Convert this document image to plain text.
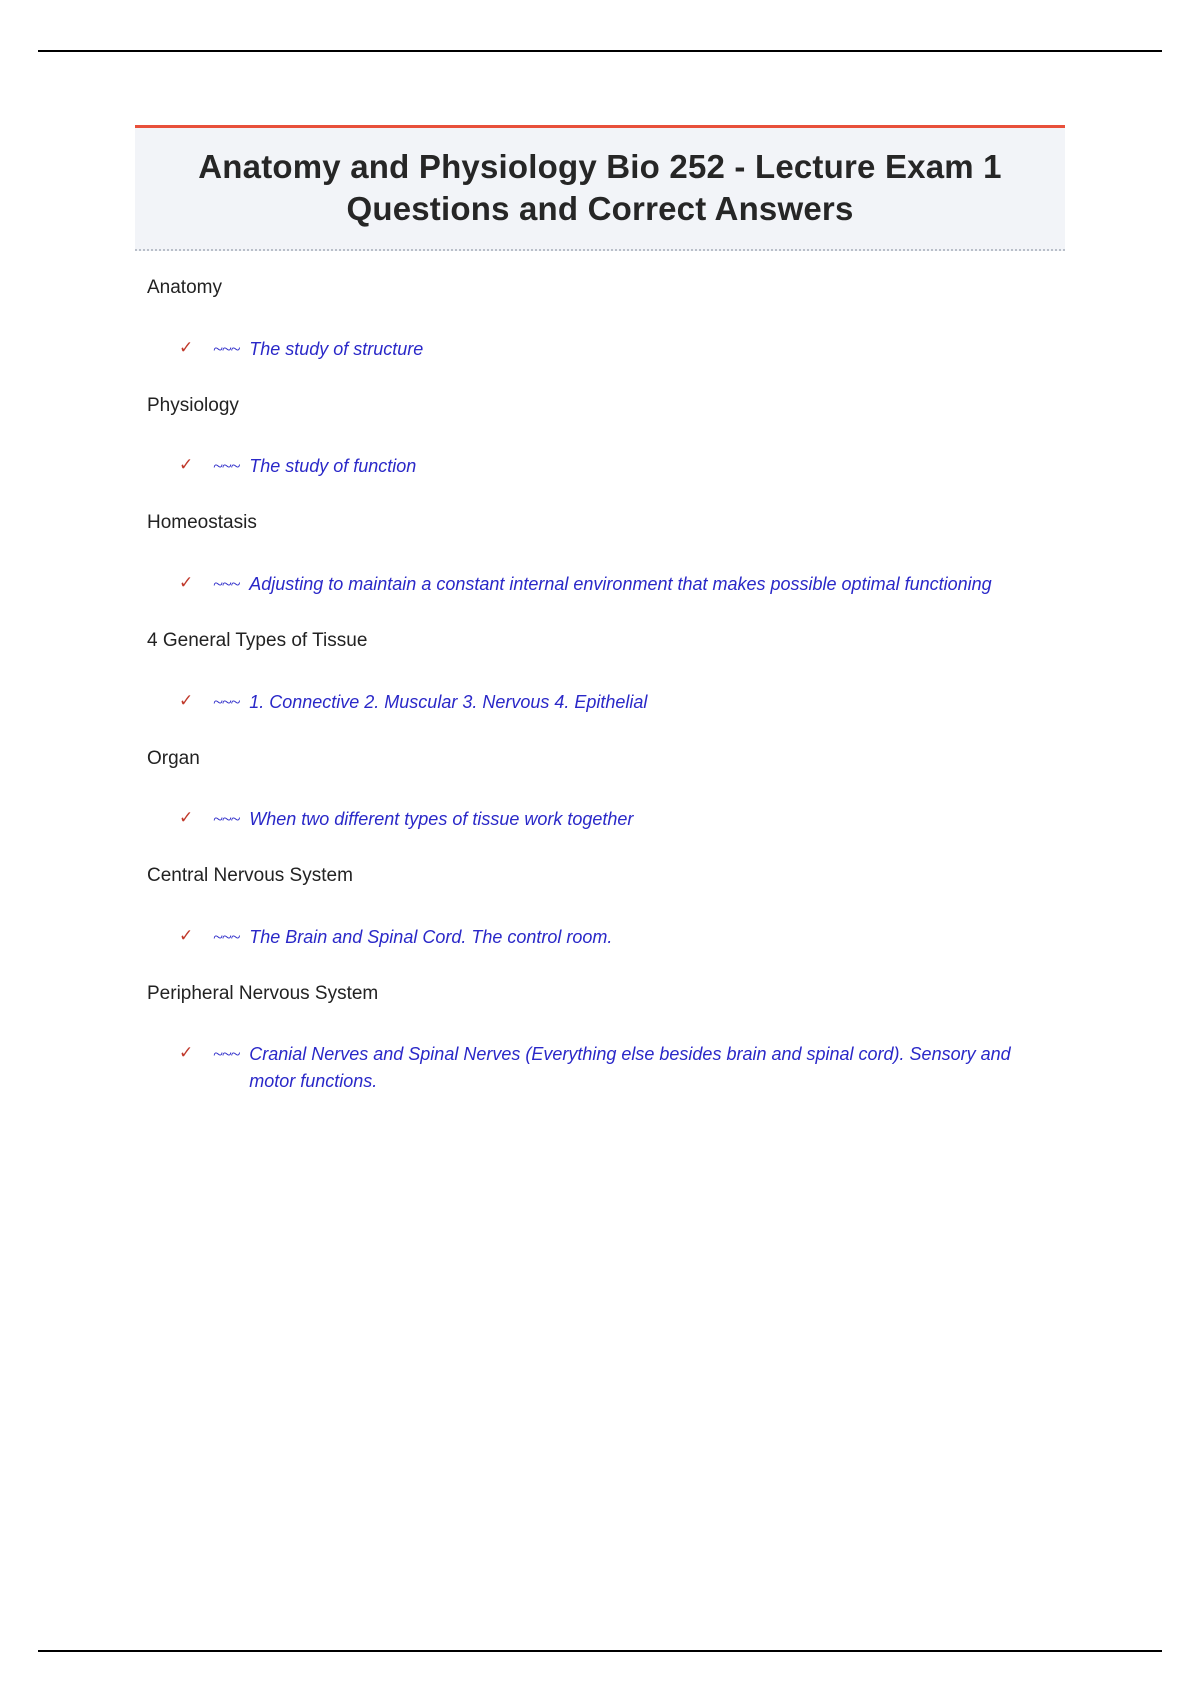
Anatomy and Physiology Bio 252 - Lecture Exam 1 Questions and Correct Answers
Anatomy
✓	~~~ The study of structure
Physiology
✓	~~~ The study of function
Homeostasis
✓	~~~ Adjusting to maintain a constant internal environment that makes possible optimal functioning
4 General Types of Tissue
✓	~~~ 1. Connective 2. Muscular 3. Nervous 4. Epithelial
Organ
✓	~~~ When two different types of tissue work together
Central Nervous System
✓	~~~ The Brain and Spinal Cord. The control room.
Peripheral Nervous System
✓	~~~ Cranial Nerves and Spinal Nerves (Everything else besides brain and spinal cord). Sensory and motor functions.
